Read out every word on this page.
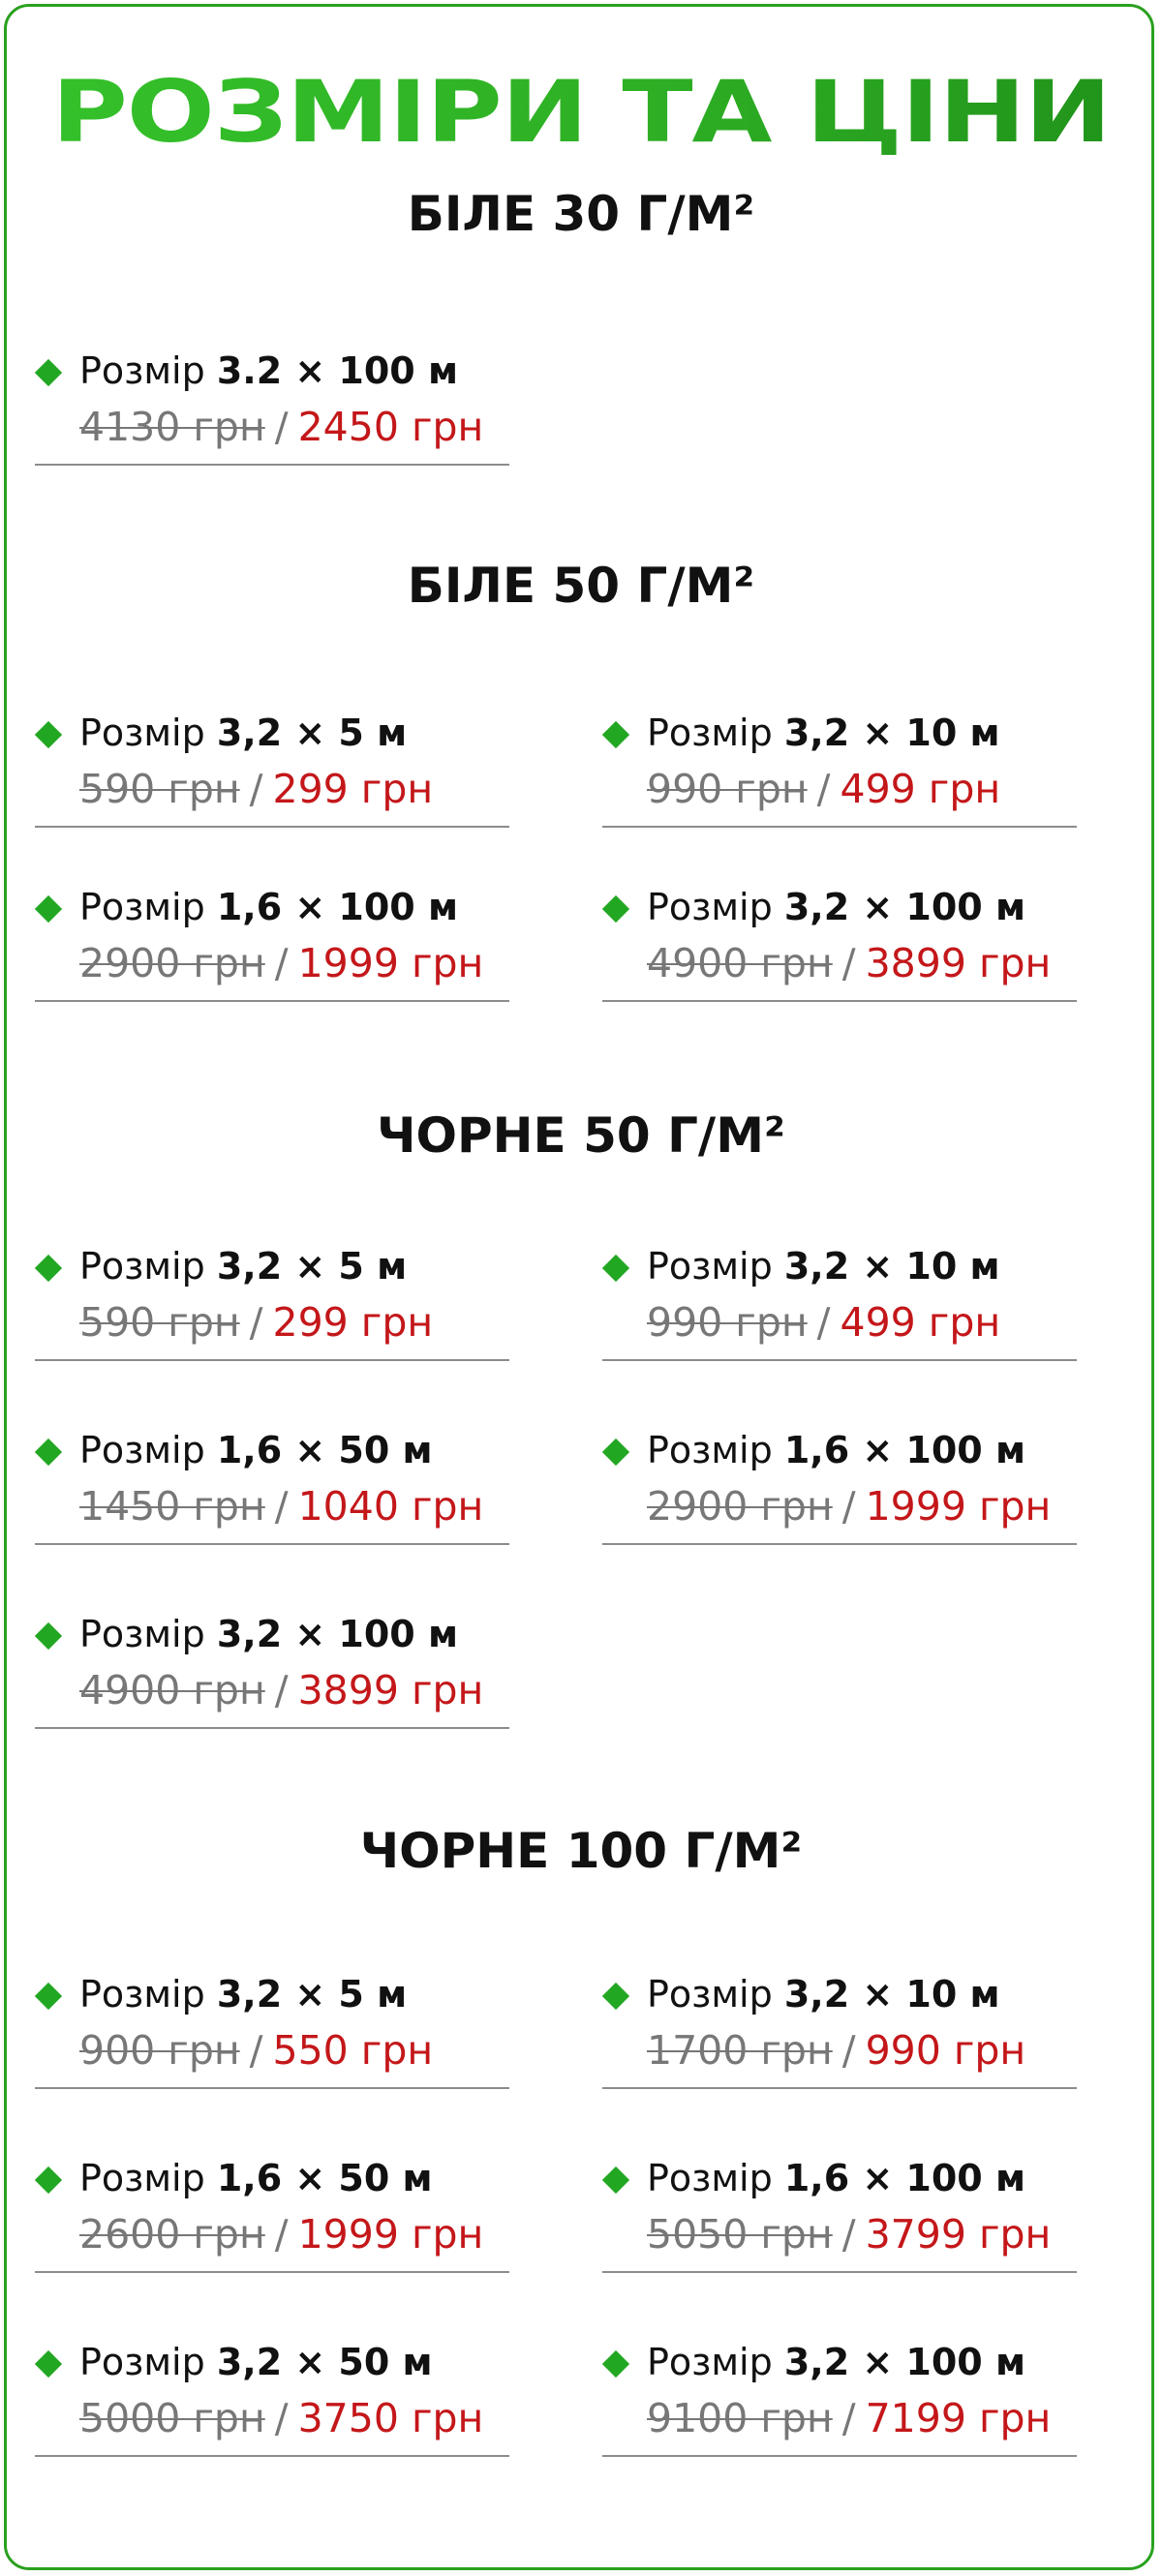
РОЗМІРИ ТА ЦІНИ
БІЛЕ 30 Г/М²
Розмір 3.2 × 100 м
4130 грн / 2450 грн
БІЛЕ 50 Г/М²
Розмір 3,2 × 5 м
590 грн / 299 грн
Розмір 3,2 × 10 м
990 грн / 499 грн
Розмір 1,6 × 100 м
2900 грн / 1999 грн
Розмір 3,2 × 100 м
4900 грн / 3899 грн
ЧОРНЕ 50 Г/М²
Розмір 3,2 × 5 м
590 грн / 299 грн
Розмір 3,2 × 10 м
990 грн / 499 грн
Розмір 1,6 × 50 м
1450 грн / 1040 грн
Розмір 1,6 × 100 м
2900 грн / 1999 грн
Розмір 3,2 × 100 м
4900 грн / 3899 грн
ЧОРНЕ 100 Г/М²
Розмір 3,2 × 5 м
900 грн / 550 грн
Розмір 3,2 × 10 м
1700 грн / 990 грн
Розмір 1,6 × 50 м
2600 грн / 1999 грн
Розмір 1,6 × 100 м
5050 грн / 3799 грн
Розмір 3,2 × 50 м
5000 грн / 3750 грн
Розмір 3,2 × 100 м
9100 грн / 7199 грн
